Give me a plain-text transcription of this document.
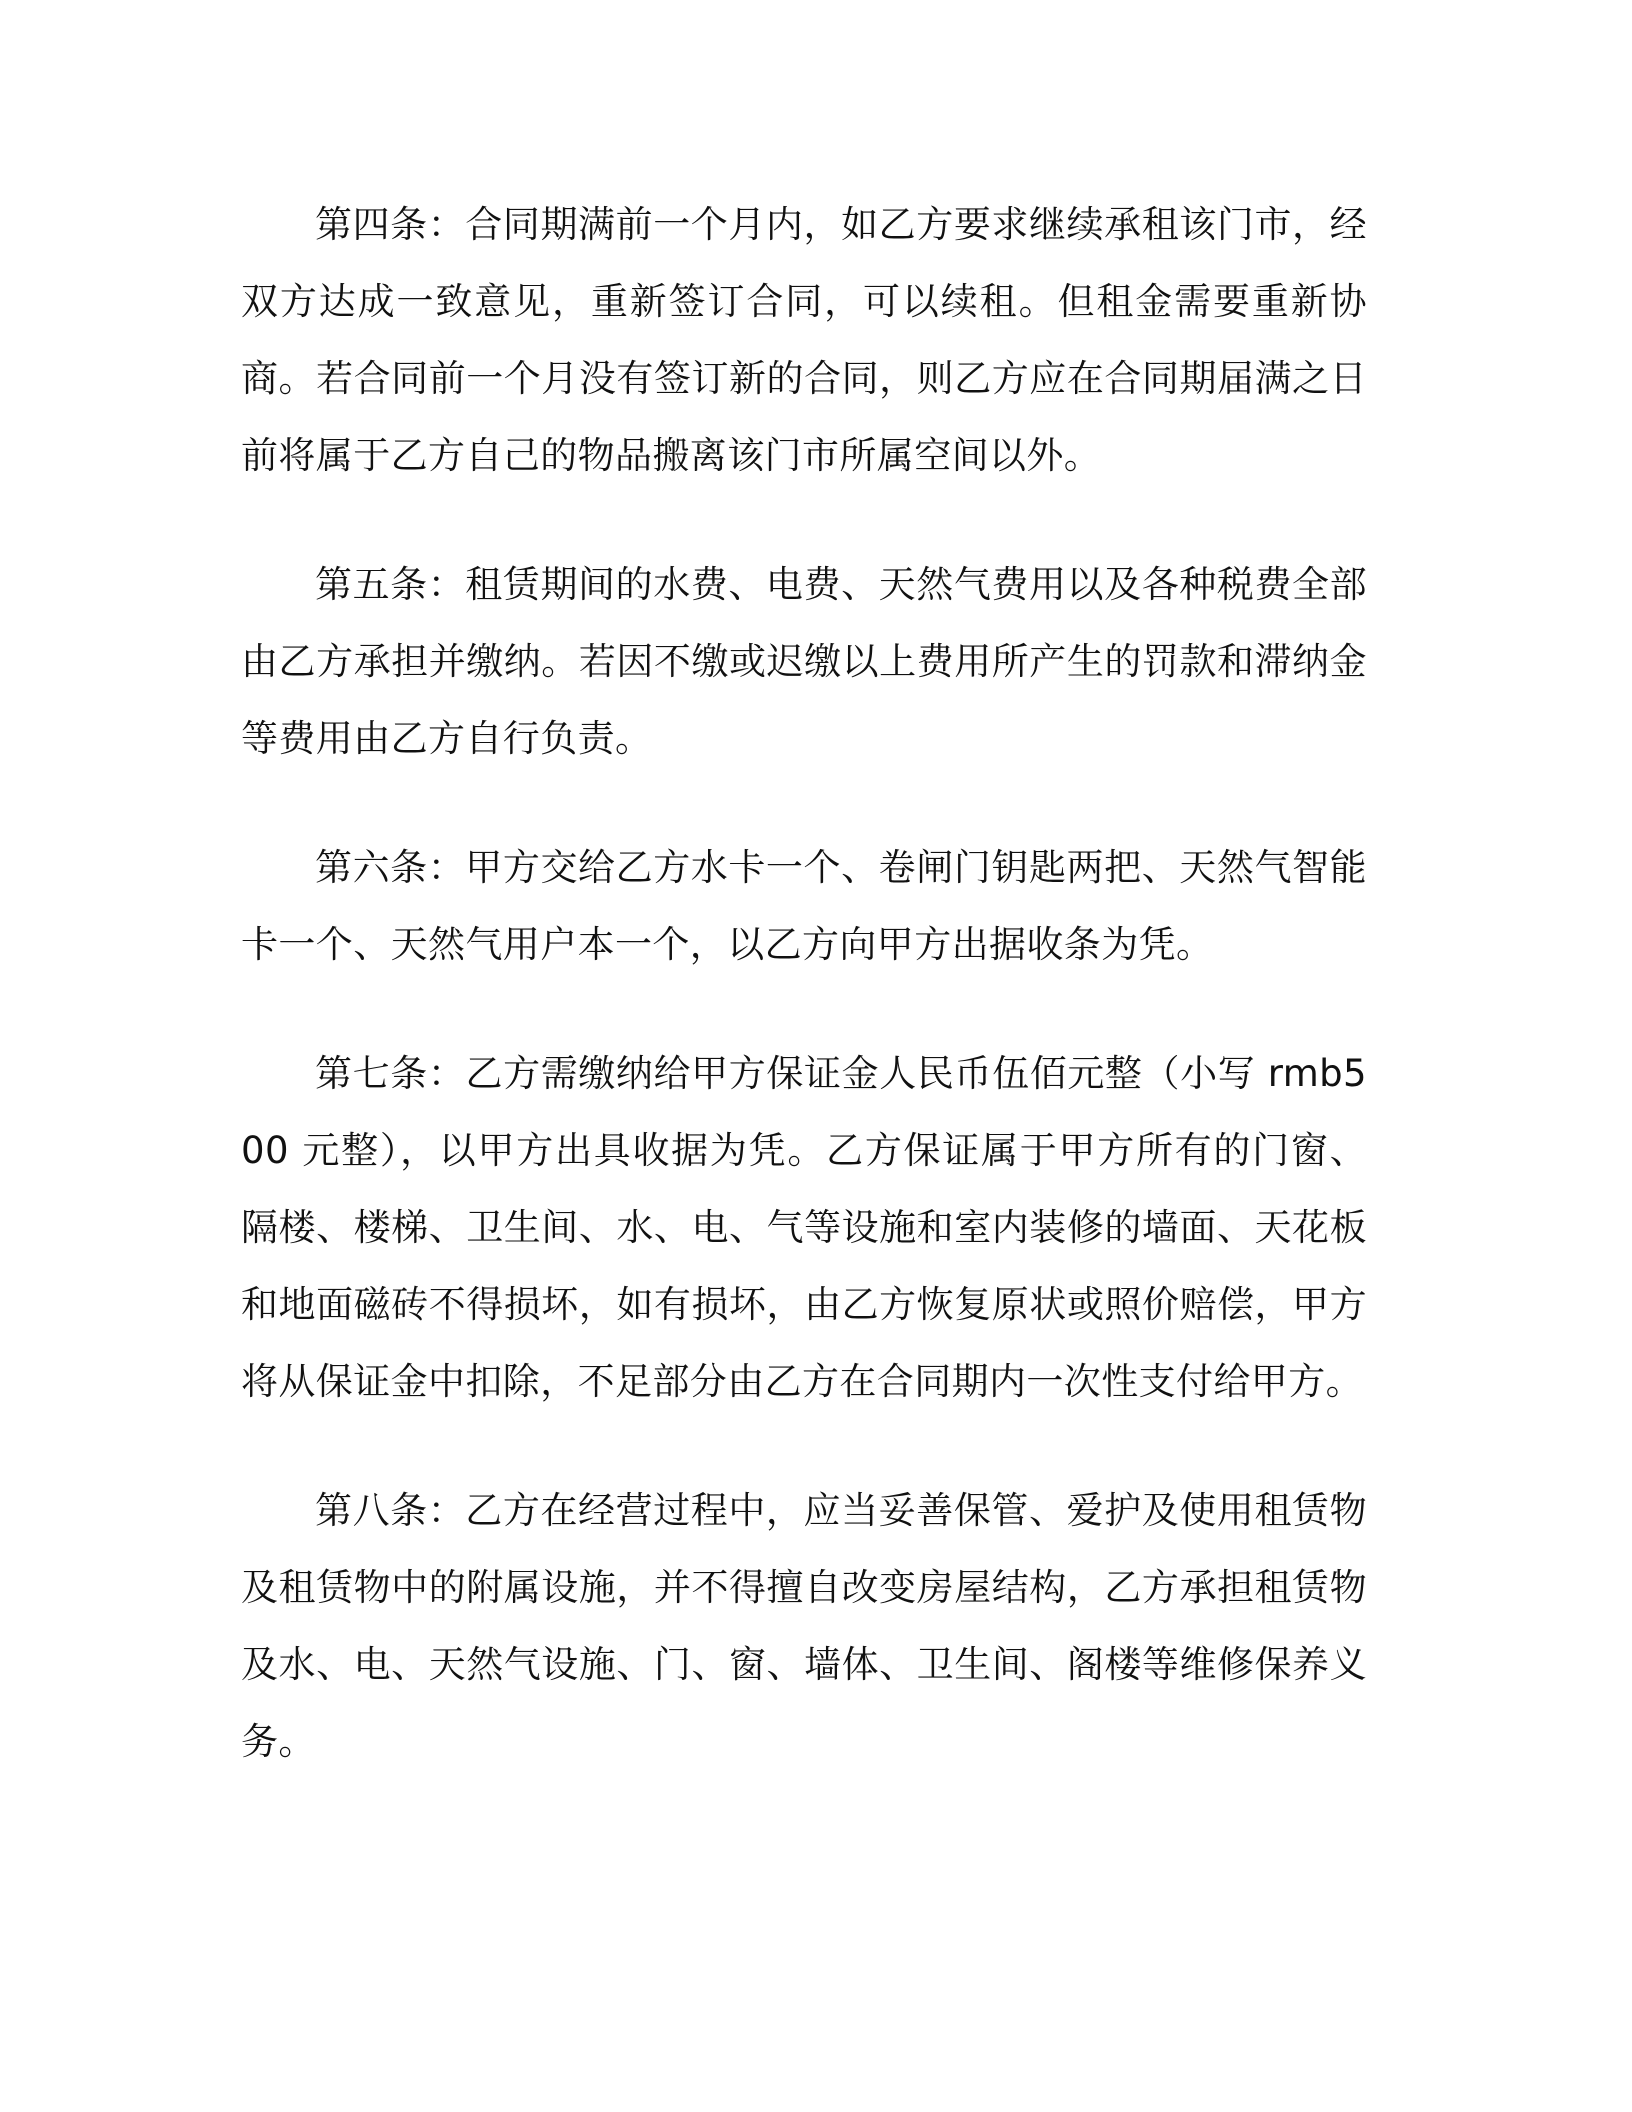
第四条：合同期满前一个月内，如乙方要求继续承租该门市，经双方达成一致意见，重新签订合同，可以续租。但租金需要重新协商。若合同前一个月没有签订新的合同，则乙方应在合同期届满之日前将属于乙方自己的物品搬离该门市所属空间以外。

第五条：租赁期间的水费、电费、天然气费用以及各种税费全部由乙方承担并缴纳。若因不缴或迟缴以上费用所产生的罚款和滞纳金等费用由乙方自行负责。

第六条：甲方交给乙方水卡一个、卷闸门钥匙两把、天然气智能卡一个、天然气用户本一个，以乙方向甲方出据收条为凭。

第七条：乙方需缴纳给甲方保证金人民币伍佰元整（小写 rmb500 元整），以甲方出具收据为凭。乙方保证属于甲方所有的门窗、隔楼、楼梯、卫生间、水、电、气等设施和室内装修的墙面、天花板和地面磁砖不得损坏，如有损坏，由乙方恢复原状或照价赔偿，甲方将从保证金中扣除，不足部分由乙方在合同期内一次性支付给甲方。

第八条：乙方在经营过程中，应当妥善保管、爱护及使用租赁物及租赁物中的附属设施，并不得擅自改变房屋结构，乙方承担租赁物及水、电、天然气设施、门、窗、墙体、卫生间、阁楼等维修保养义务。
